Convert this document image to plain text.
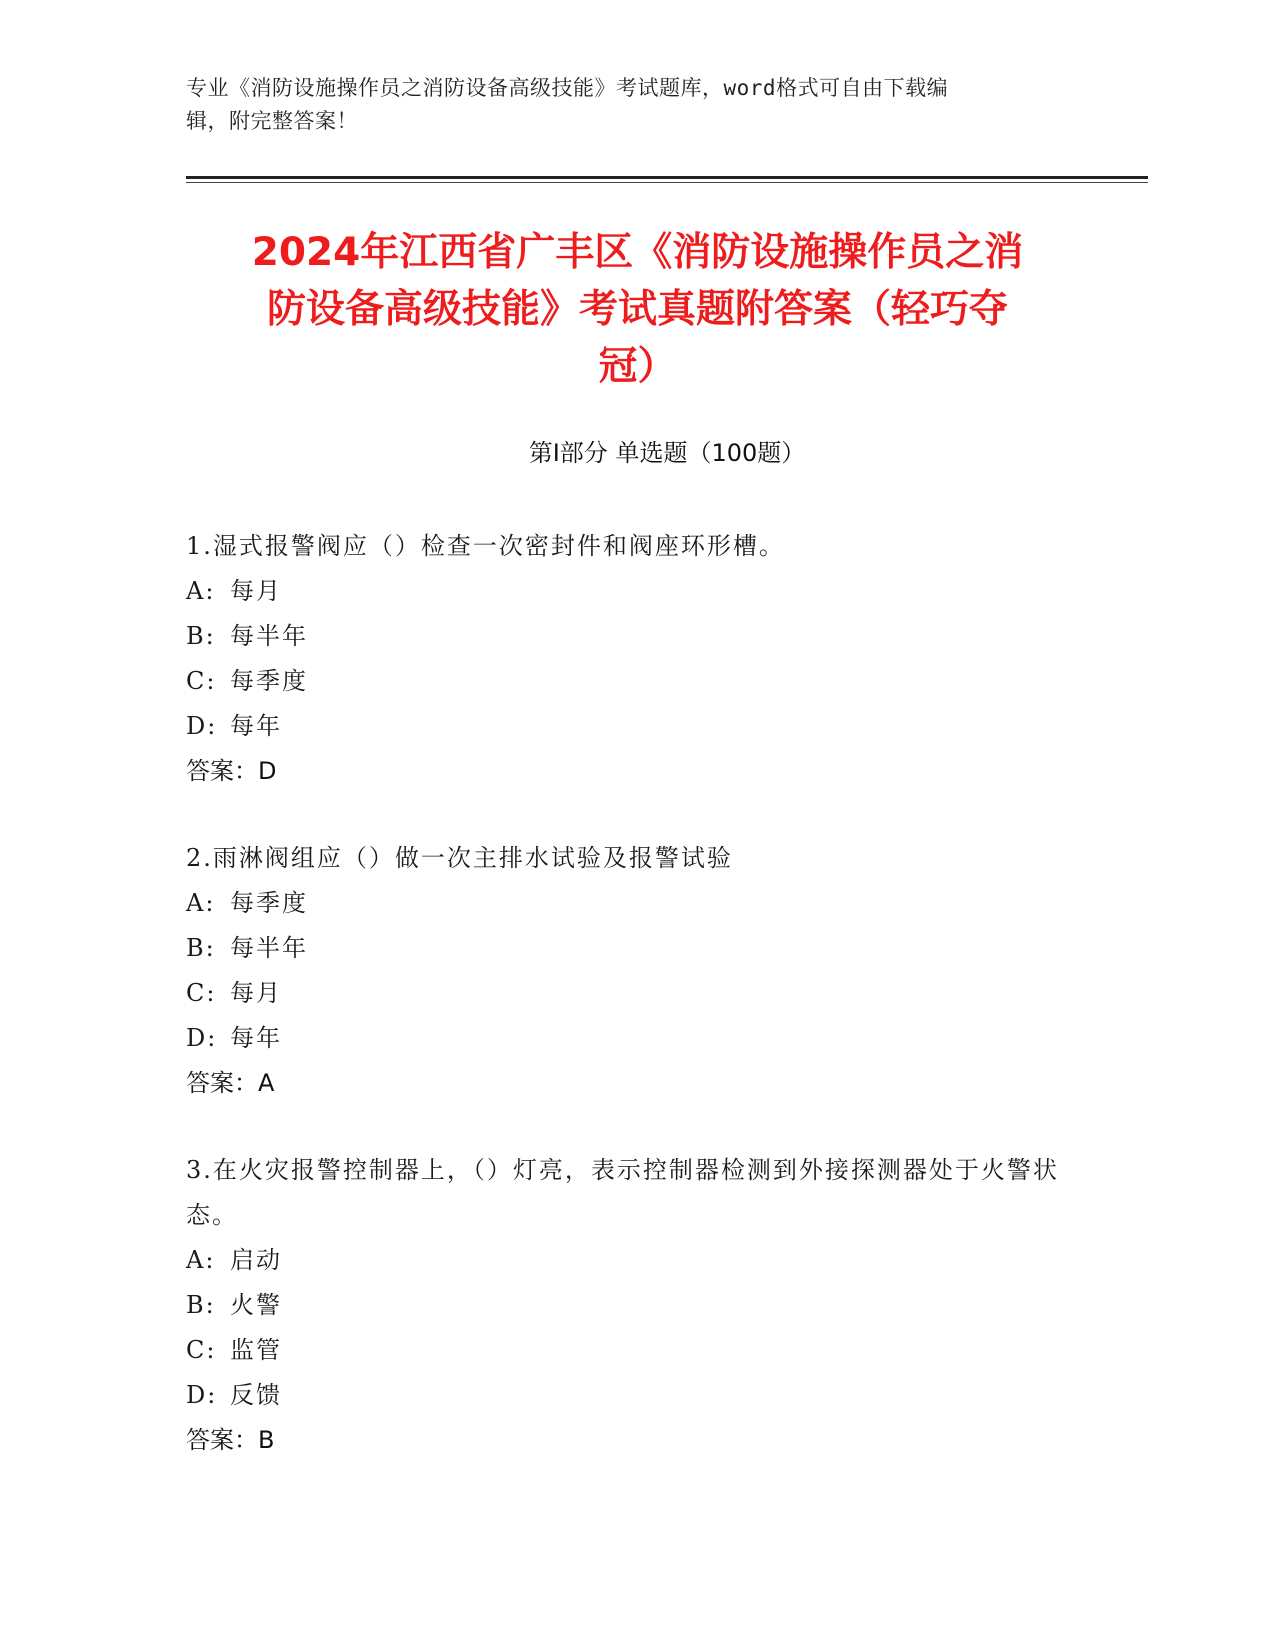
专业《消防设施操作员之消防设备高级技能》考试题库，word格式可自由下载编
辑，附完整答案！
2024年江西省广丰区《消防设施操作员之消
防设备高级技能》考试真题附答案（轻巧夺
冠）
第Ⅰ部分 单选题（100题）
1.湿式报警阀应（）检查一次密封件和阀座环形槽。
A: 每月
B: 每半年
C: 每季度
D: 每年
答案：D
2.雨淋阀组应（）做一次主排水试验及报警试验
A: 每季度
B: 每半年
C: 每月
D: 每年
答案：A
3.在火灾报警控制器上，（）灯亮，表示控制器检测到外接探测器处于火警状态。
A: 启动
B: 火警
C: 监管
D: 反馈
答案：B
